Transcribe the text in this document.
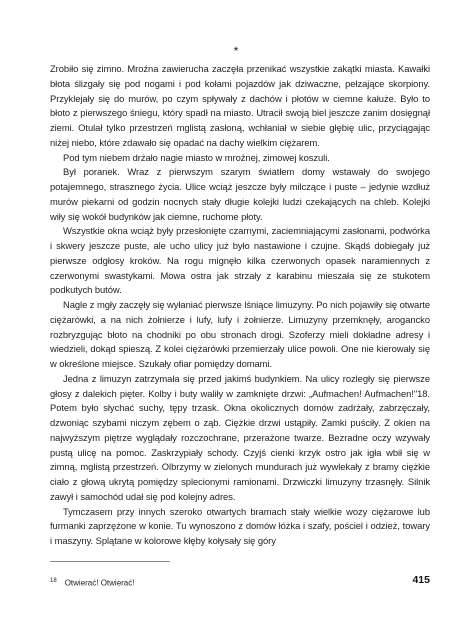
*

Zrobiło się zimno. Mroźna zawierucha zaczęła przenikać wszystkie zakątki miasta. Kawałki błota ślizgały się pod nogami i pod kołami pojazdów jak dziwaczne, pełzające skorpiony. Przyklejały się do murów, po czym spływały z dachów i płotów w ciemne kałuże. Było to błoto z pierwszego śniegu, który spadł na miasto. Utracił swoją biel jeszcze zanim dosięgnął ziemi. Otulał tylko przestrzeń mglistą zasłoną, wchłaniał w siebie głębię ulic, przyciągając niżej niebo, które zdawało się opadać na dachy wielkim ciężarem.

Pod tym niebem drżało nagie miasto w mroźnej, zimowej koszuli.

Był poranek. Wraz z pierwszym szarym światłem domy wstawały do swojego potajemnego, strasznego życia. Ulice wciąż jeszcze były milczące i puste – jedynie wzdłuż murów piekarni od godzin nocnych stały długie kolejki ludzi czekających na chleb. Kolejki wiły się wokół budynków jak ciemne, ruchome płoty.

Wszystkie okna wciąż były przesłonięte czarnymi, zaciemniającymi zasłonami, podwórka i skwery jeszcze puste, ale ucho ulicy już było nastawione i czujne. Skądś dobiegały już pierwsze odgłosy kroków. Na rogu mignęło kilka czerwonych opasek naramiennych z czerwonymi swastykami. Mowa ostra jak strzały z karabinu mieszała się ze stukotem podkutych butów.

Nagle z mgły zaczęły się wyłaniać pierwsze lśniące limuzyny. Po nich pojawiły się otwarte ciężarówki, a na nich żołnierze i lufy, lufy i żołnierze. Limuzyny przemknęły, arogancko rozbryzgując błoto na chodniki po obu stronach drogi. Szoferzy mieli dokładne adresy i wiedzieli, dokąd spieszą. Z kolei ciężarówki przemierzały ulice powoli. One nie kierowały się w określone miejsce. Szukały ofiar pomiędzy domami.

Jedna z limuzyn zatrzymała się przed jakimś budynkiem. Na ulicy rozległy się pierwsze głosy z dalekich pięter. Kolby i buty waliły w zamknięte drzwi: „Aufmachen! Aufmachen!"18. Potem było słychać suchy, tępy trzask. Okna okolicznych domów zadrżały, zabrzęczały, dzwoniąc szybami niczym zębem o ząb. Ciężkie drzwi ustąpiły. Zamki puściły. Z okien na najwyższym piętrze wyglądały rozczochrane, przerażone twarze. Bezradne oczy wzywały pustą ulicę na pomoc. Zaskrzypiały schody. Czyjś cienki krzyk ostro jak igła wbił się w zimną, mglistą przestrzeń. Olbrzymy w zielonych mundurach już wywlekały z bramy ciężkie ciało z głową ukrytą pomiędzy splecionymi ramionami. Drzwiczki limuzyny trzasnęły. Silnik zawył i samochód udał się pod kolejny adres.

Tymczasem przy innych szeroko otwartych bramach stały wielkie wozy ciężarowe lub furmanki zaprzężone w konie. Tu wynoszono z domów łóżka i szafy, pościel i odzież, towary i maszyny. Splątane w kolorowe kłęby kołysały się góry

$^{18}$ Otwierać! Otwierać!	415
